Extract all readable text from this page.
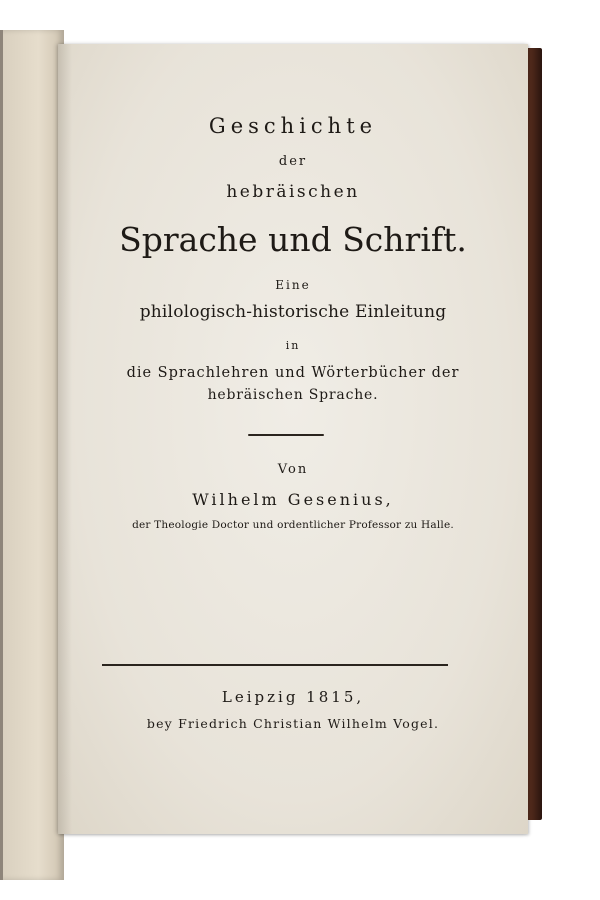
Geschichte
der
hebräischen
Sprache und Schrift.
Eine
philologisch-historische Einleitung
in
die Sprachlehren und Wörterbücher der
hebräischen Sprache.
Von
Wilhelm Gesenius,
der Theologie Doctor und ordentlicher Professor zu Halle.
Leipzig 1815,
bey Friedrich Christian Wilhelm Vogel.
